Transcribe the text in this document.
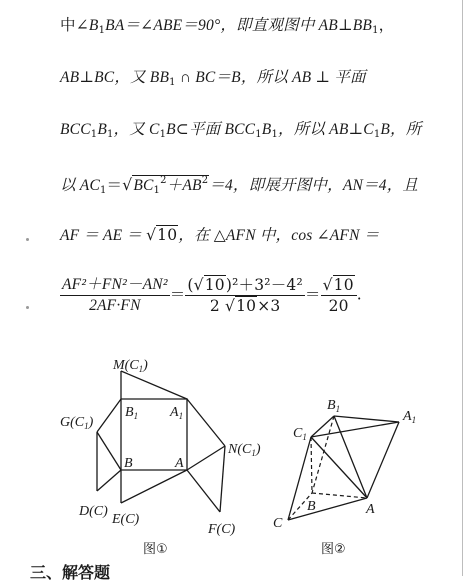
中$\angle B_1BA=\angle ABE=90^\circ$，即直观图中 $AB\perp BB_1$，
AB⊥BC，又 $BB_1$ ∩ BC＝B，所以 AB ⊥ 平面
$BCC_1B_1$，又 $C_1B\subset$平面 $BCC_1B_1$，所以 $AB\perp C_1B$，所
以 $AC_1=√BC_1^2+AB^2=4$，即展开图中，AN＝4，且
AF ＝ AE ＝ √10，在 △AFN 中，cos ∠AFN ＝
$\frac{\text{AF²＋FN²－AN²}}{2AF\cdot FN} = \frac{\text{(√10)²＋3²－4²}}{2 √10\times 3} = \frac{√10}{20}$ .
$M(C_1)$
$G(C_1)$
$B_1$ $A_1$
B	A
$N(C_1)$
D(C)
E(C)
F(C)
$B_1$	$A_1$
$C_1$
B	A
C
图①	图②
三、解答题
